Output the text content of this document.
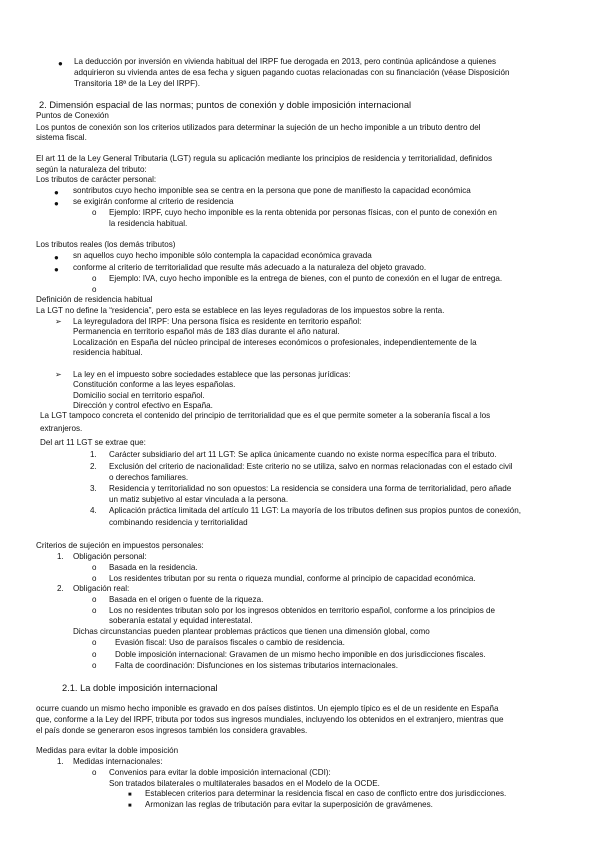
● La deducción por inversión en vivienda habitual del IRPF fue derogada en 2013, pero continúa aplicándose a quienes
adquirieron su vivienda antes de esa fecha y siguen pagando cuotas relacionadas con su financiación (véase Disposición
Transitoria 18ª de la Ley del IRPF).
2. Dimensión espacial de las normas; puntos de conexión y doble imposición internacional
Puntos de Conexión
Los puntos de conexión son los criterios utilizados para determinar la sujeción de un hecho imponible a un tributo dentro del
sistema fiscal.
El art 11 de la Ley General Tributaria (LGT) regula su aplicación mediante los principios de residencia y territorialidad, definidos
según la naturaleza del tributo:
Los tributos de carácter personal:
● sontributos cuyo hecho imponible sea se centra en la persona que pone de manifiesto la capacidad económica
● se exigirán conforme al criterio de residencia
o Ejemplo: IRPF, cuyo hecho imponible es la renta obtenida por personas físicas, con el punto de conexión en
la residencia habitual.
Los tributos reales (los demás tributos)
● sn aquellos cuyo hecho imponible sólo contempla la capacidad económica gravada
● conforme al criterio de territorialidad que resulte más adecuado a la naturaleza del objeto gravado.
o Ejemplo: IVA, cuyo hecho imponible es la entrega de bienes, con el punto de conexión en el lugar de entrega.
o
Definición de residencia habitual
La LGT no define la “residencia”, pero esta se establece en las leyes reguladoras de los impuestos sobre la renta.
➢ La leyreguladora del IRPF: Una persona física es residente en territorio español:
Permanencia en territorio español más de 183 días durante el año natural.
Localización en España del núcleo principal de intereses económicos o profesionales, independientemente de la
residencia habitual.
➢ La ley en el impuesto sobre sociedades establece que las personas jurídicas:
Constitución conforme a las leyes españolas.
Domicilio social en territorio español.
Dirección y control efectivo en España.
La LGT tampoco concreta el contenido del principio de territorialidad que es el que permite someter a la soberanía fiscal a los
extranjeros.
Del art 11 LGT se extrae que:
1. Carácter subsidiario del art 11 LGT: Se aplica únicamente cuando no existe norma específica para el tributo.
2. Exclusión del criterio de nacionalidad: Este criterio no se utiliza, salvo en normas relacionadas con el estado civil
o derechos familiares.
3. Residencia y territorialidad no son opuestos: La residencia se considera una forma de territorialidad, pero añade
un matiz subjetivo al estar vinculada a la persona.
4. Aplicación práctica limitada del artículo 11 LGT: La mayoría de los tributos definen sus propios puntos de conexión,
combinando residencia y territorialidad
Criterios de sujeción en impuestos personales:
1. Obligación personal:
o Basada en la residencia.
o Los residentes tributan por su renta o riqueza mundial, conforme al principio de capacidad económica.
2. Obligación real:
o Basada en el origen o fuente de la riqueza.
o Los no residentes tributan solo por los ingresos obtenidos en territorio español, conforme a los principios de
soberanía estatal y equidad interestatal.
Dichas circunstancias pueden plantear problemas prácticos que tienen una dimensión global, como
o Evasión fiscal: Uso de paraísos fiscales o cambio de residencia.
o Doble imposición internacional: Gravamen de un mismo hecho imponible en dos jurisdicciones fiscales.
o Falta de coordinación: Disfunciones en los sistemas tributarios internacionales.
2.1. La doble imposición internacional
ocurre cuando un mismo hecho imponible es gravado en dos países distintos. Un ejemplo típico es el de un residente en España
que, conforme a la Ley del IRPF, tributa por todos sus ingresos mundiales, incluyendo los obtenidos en el extranjero, mientras que
el país donde se generaron esos ingresos también los considera gravables.
Medidas para evitar la doble imposición
1. Medidas internacionales:
o Convenios para evitar la doble imposición internacional (CDI):
Son tratados bilaterales o multilaterales basados en el Modelo de la OCDE.
■ Establecen criterios para determinar la residencia fiscal en caso de conflicto entre dos jurisdicciones.
■ Armonizan las reglas de tributación para evitar la superposición de gravámenes.
